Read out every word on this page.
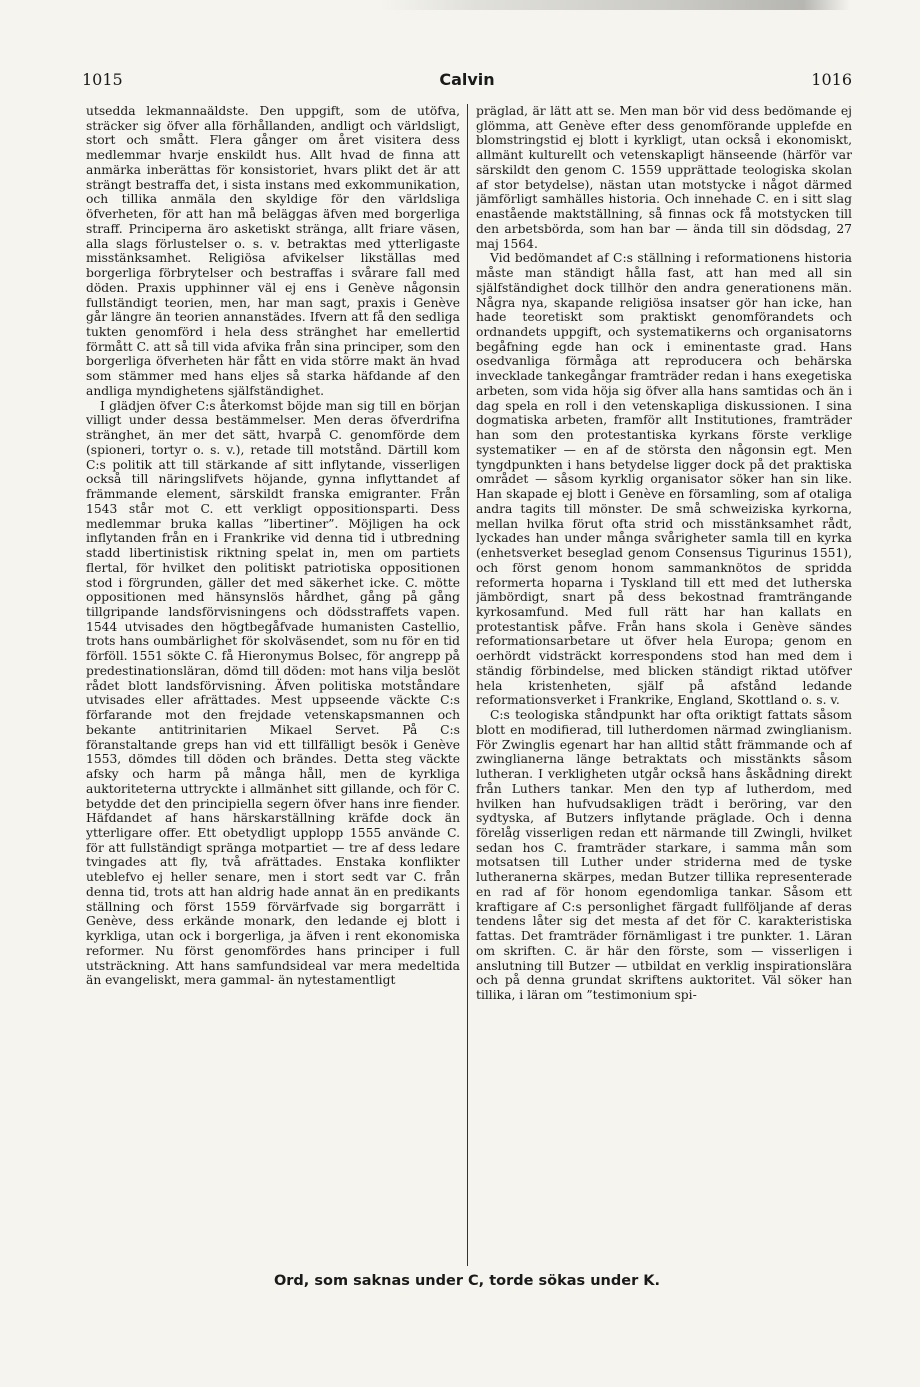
1015	Calvin	1016

utsedda lekmannaäldste. Den uppgift, som de utöfva, sträcker sig öfver alla förhållanden, andligt och världsligt, stort och smått. Flera gånger om året visitera dess medlemmar hvarje enskildt hus. Allt hvad de finna att anmärka inberättas för konsistoriet, hvars plikt det är att strängt bestraffa det, i sista instans med exkommunikation, och tillika anmäla den skyldige för den världsliga öfverheten, för att han må beläggas äfven med borgerliga straff. Principerna äro asketiskt stränga, allt friare väsen, alla slags förlustelser o. s. v. betraktas med ytterligaste misstänksamhet. Religiösa afvikelser likställas med borgerliga förbrytelser och bestraffas i svårare fall med döden. Praxis upphinner väl ej ens i Genève någonsin fullständigt teorien, men, har man sagt, praxis i Genève går längre än teorien annanstädes. Ifvern att få den sedliga tukten genomförd i hela dess stränghet har emellertid förmått C. att så till vida afvika från sina principer, som den borgerliga öfverheten här fått en vida större makt än hvad som stämmer med hans eljes så starka häfdande af den andliga myndighetens själfständighet.

I glädjen öfver C:s återkomst böjde man sig till en början villigt under dessa bestämmelser. Men deras öfverdrifna stränghet, än mer det sätt, hvarpå C. genomförde dem (spioneri, tortyr o. s. v.), retade till motstånd. Därtill kom C:s politik att till stärkande af sitt inflytande, visserligen också till näringslifvets höjande, gynna inflyttandet af främmande element, särskildt franska emigranter. Från 1543 står mot C. ett verkligt oppositionsparti. Dess medlemmar bruka kallas ”libertiner”. Möjligen ha ock inflytanden från en i Frankrike vid denna tid i utbredning stadd libertinistisk riktning spelat in, men om partiets flertal, för hvilket den politiskt patriotiska oppositionen stod i förgrunden, gäller det med säkerhet icke. C. mötte oppositionen med hänsynslös hårdhet, gång på gång tillgripande landsförvisningens och dödsstraffets vapen. 1544 utvisades den högtbegåfvade humanisten Castellio, trots hans oumbärlighet för skolväsendet, som nu för en tid förföll. 1551 sökte C. få Hieronymus Bolsec, för angrepp på predestinationsläran, dömd till döden: mot hans vilja beslöt rådet blott landsförvisning. Äfven politiska motståndare utvisades eller afrättades. Mest uppseende väckte C:s förfarande mot den frejdade vetenskapsmannen och bekante antitrinitarien Mikael Servet. På C:s föranstaltande greps han vid ett tillfälligt besök i Genève 1553, dömdes till döden och brändes. Detta steg väckte afsky och harm på många håll, men de kyrkliga auktoriteterna uttryckte i allmänhet sitt gillande, och för C. betydde det den principiella segern öfver hans inre fiender. Häfdandet af hans härskarställning kräfde dock än ytterligare offer. Ett obetydligt upplopp 1555 använde C. för att fullständigt spränga motpartiet — tre af dess ledare tvingades att fly, två afrättades. Enstaka konflikter uteblefvo ej heller senare, men i stort sedt var C. från denna tid, trots att han aldrig hade annat än en predikants ställning och först 1559 förvärfvade sig borgarrätt i Genève, dess erkände monark, den ledande ej blott i kyrkliga, utan ock i borgerliga, ja äfven i rent ekonomiska reformer. Nu först genomfördes hans principer i full utsträckning. Att hans samfundsideal var mera medeltida än evangeliskt, mera gammal- än nytestamentligt

präglad, är lätt att se. Men man bör vid dess bedömande ej glömma, att Genève efter dess genomförande upplefde en blomstringstid ej blott i kyrkligt, utan också i ekonomiskt, allmänt kulturellt och vetenskapligt hänseende (härför var särskildt den genom C. 1559 upprättade teologiska skolan af stor betydelse), nästan utan motstycke i något därmed jämförligt samhälles historia. Och innehade C. en i sitt slag enastående maktställning, så finnas ock få motstycken till den arbetsbörda, som han bar — ända till sin dödsdag, 27 maj 1564.

Vid bedömandet af C:s ställning i reformationens historia måste man ständigt hålla fast, att han med all sin själfständighet dock tillhör den andra generationens män. Några nya, skapande religiösa insatser gör han icke, han hade teoretiskt som praktiskt genomförandets och ordnandets uppgift, och systematikerns och organisatorns begåfning egde han ock i eminentaste grad. Hans osedvanliga förmåga att reproducera och behärska invecklade tankegångar framträder redan i hans exegetiska arbeten, som vida höja sig öfver alla hans samtidas och än i dag spela en roll i den vetenskapliga diskussionen. I sina dogmatiska arbeten, framför allt Institutiones, framträder han som den protestantiska kyrkans förste verklige systematiker — en af de största den någonsin egt. Men tyngdpunkten i hans betydelse ligger dock på det praktiska området — såsom kyrklig organisator söker han sin like. Han skapade ej blott i Genève en församling, som af otaliga andra tagits till mönster. De små schweiziska kyrkorna, mellan hvilka förut ofta strid och misstänksamhet rådt, lyckades han under många svårigheter samla till en kyrka (enhetsverket beseglad genom Consensus Tigurinus 1551), och först genom honom sammanknötos de spridda reformerta hoparna i Tyskland till ett med det lutherska jämbördigt, snart på dess bekostnad framträngande kyrkosamfund. Med full rätt har han kallats en protestantisk påfve. Från hans skola i Genève sändes reformationsarbetare ut öfver hela Europa; genom en oerhördt vidsträckt korrespondens stod han med dem i ständig förbindelse, med blicken ständigt riktad utöfver hela kristenheten, själf på afstånd ledande reformationsverket i Frankrike, England, Skottland o. s. v.

C:s teologiska ståndpunkt har ofta oriktigt fattats såsom blott en modifierad, till lutherdomen närmad zwinglianism. För Zwinglis egenart har han alltid stått främmande och af zwinglianerna länge betraktats och misstänkts såsom lutheran. I verkligheten utgår också hans åskådning direkt från Luthers tankar. Men den typ af lutherdom, med hvilken han hufvudsakligen trädt i beröring, var den sydtyska, af Butzers inflytande präglade. Och i denna förelåg visserligen redan ett närmande till Zwingli, hvilket sedan hos C. framträder starkare, i samma mån som motsatsen till Luther under striderna med de tyske lutheranerna skärpes, medan Butzer tillika representerade en rad af för honom egendomliga tankar. Såsom ett kraftigare af C:s personlighet färgadt fullföljande af deras tendens låter sig det mesta af det för C. karakteristiska fattas. Det framträder förnämligast i tre punkter. 1. Läran om skriften. C. är här den förste, som — visserligen i anslutning till Butzer — utbildat en verklig inspirationslära och på denna grundat skriftens auktoritet. Väl söker han tillika, i läran om ”testimonium spi-

Ord, som saknas under C, torde sökas under K.
